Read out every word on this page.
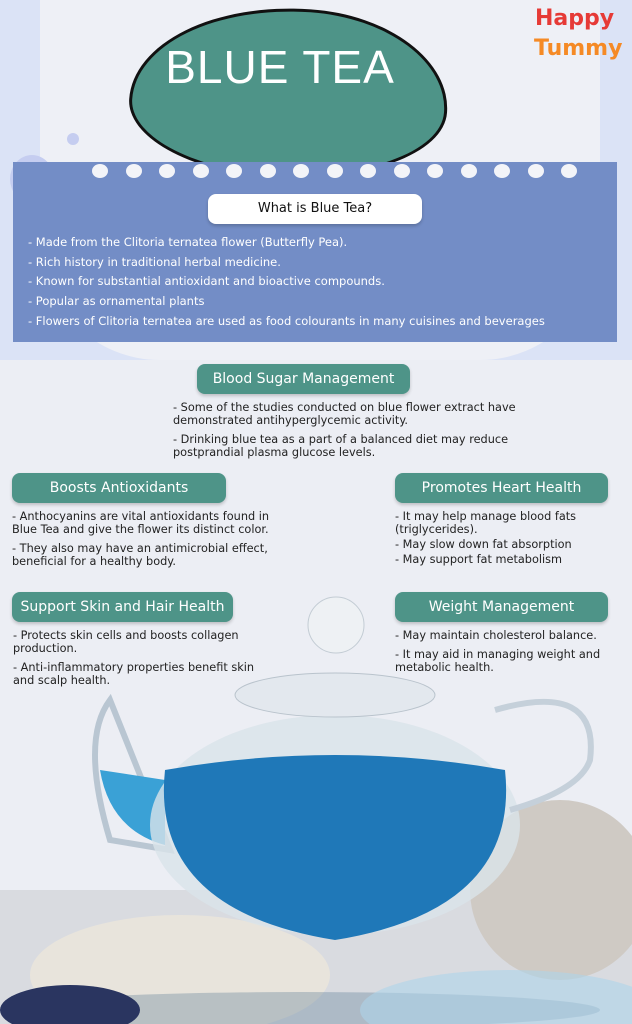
BLUE TEA
Happy
Tummy
What is Blue Tea?
- Made from the Clitoria ternatea flower (Butterfly Pea).
- Rich history in traditional herbal medicine.
- Known for substantial antioxidant and bioactive compounds.
- Popular as ornamental plants
- Flowers of Clitoria ternatea are used as food colourants in many cuisines and beverages
Blood Sugar Management
- Some of the studies conducted on blue flower extract have demonstrated antihyperglycemic activity.
- Drinking blue tea as a part of a balanced diet may reduce postprandial plasma glucose levels.
Boosts Antioxidants
- Anthocyanins are vital antioxidants found in Blue Tea and give the flower its distinct color.
- They also may have an antimicrobial effect, beneficial for a healthy body.
Promotes Heart Health
- It may help manage blood fats (triglycerides).
- May slow down fat absorption
- May support fat metabolism
Support Skin and Hair Health
- Protects skin cells and boosts collagen production.
- Anti-inflammatory properties benefit skin and scalp health.
Weight Management
- May maintain cholesterol balance.
- It may aid in managing weight and metabolic health.
